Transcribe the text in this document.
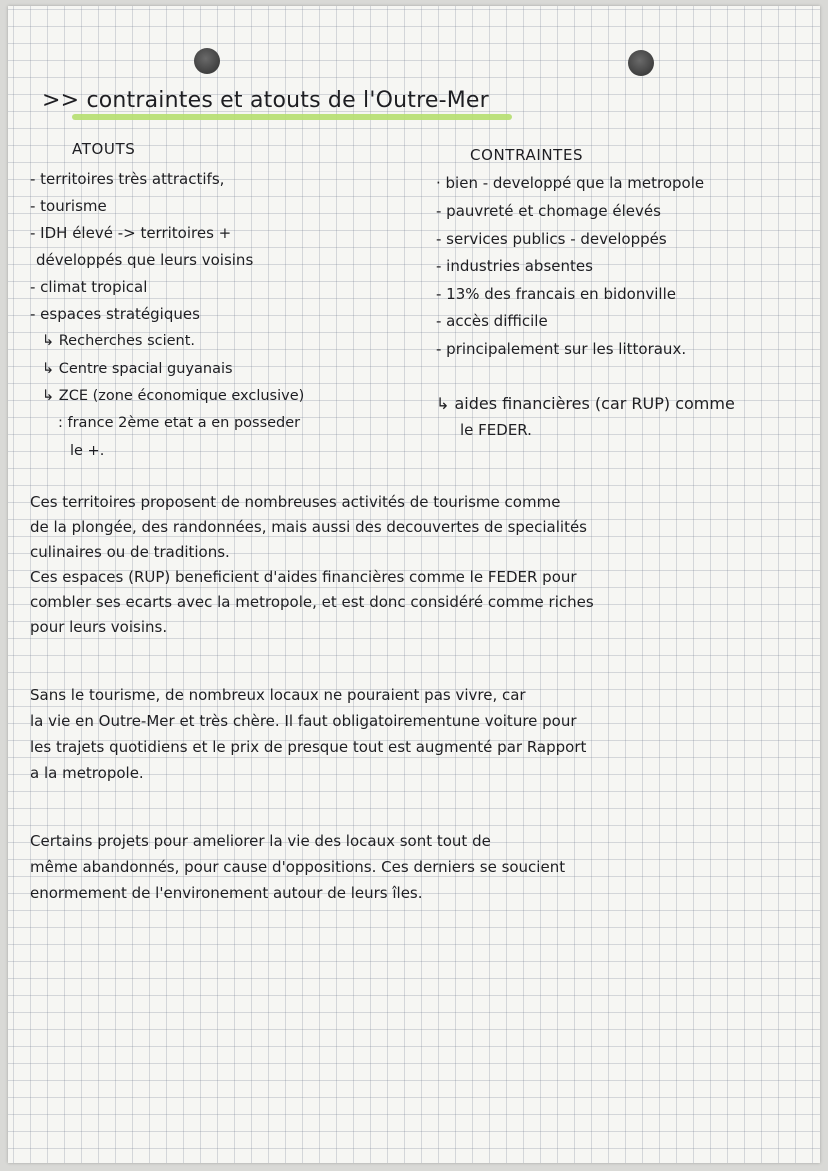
>> contraintes et atouts de l'Outre-Mer
ATOUTS
- territoires très attractifs,
- tourisme
- IDH élevé -> territoires +
développés que leurs voisins
- climat tropical
- espaces stratégiques
↳ Recherches scient.
↳ Centre spacial guyanais
↳ ZCE (zone économique exclusive)
: france 2ème etat a en posseder
le +.
CONTRAINTES
· bien - developpé que la metropole
- pauvreté et chomage élevés
- services publics - developpés
- industries absentes
- 13% des francais en bidonville
- accès difficile
- principalement sur les littoraux.
↳ aides financières (car RUP) comme
le FEDER.
Ces territoires proposent de nombreuses activités de tourisme comme
de la plongée, des randonnées, mais aussi des decouvertes de specialités
culinaires ou de traditions.
Ces espaces (RUP) beneficient d'aides financières comme le FEDER pour
combler ses ecarts avec la metropole, et est donc considéré comme riches
pour leurs voisins.
Sans le tourisme, de nombreux locaux ne pouraient pas vivre, car
la vie en Outre-Mer et très chère. Il faut obligatoirementune voiture pour
les trajets quotidiens et le prix de presque tout est augmenté par Rapport
a la metropole.
Certains projets pour ameliorer la vie des locaux sont tout de
même abandonnés, pour cause d'oppositions. Ces derniers se soucient
enormement de l'environement autour de leurs îles.
